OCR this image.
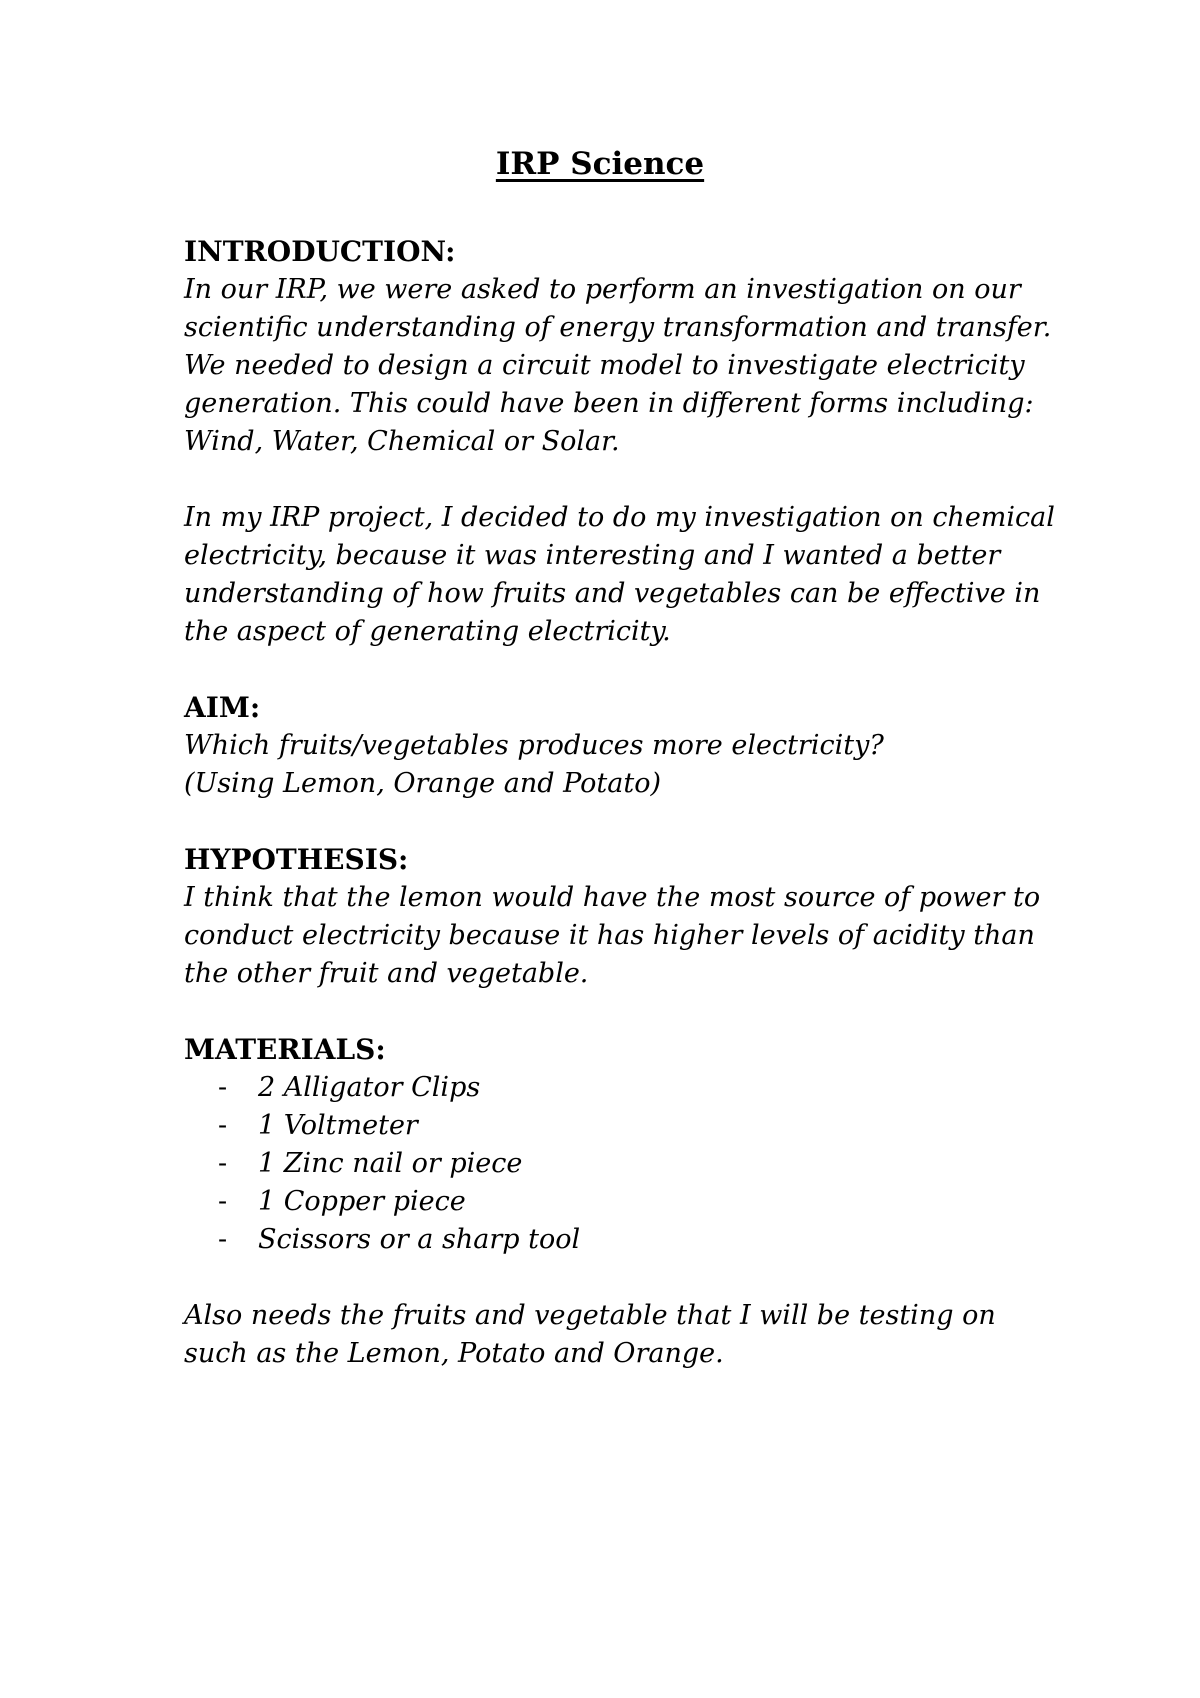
IRP Science

INTRODUCTION:

In our IRP, we were asked to perform an investigation on our scientific understanding of energy transformation and transfer. We needed to design a circuit model to investigate electricity generation. This could have been in different forms including: Wind, Water, Chemical or Solar.

In my IRP project, I decided to do my investigation on chemical electricity, because it was interesting and I wanted a better understanding of how fruits and vegetables can be effective in the aspect of generating electricity.

AIM:

Which fruits/vegetables produces more electricity?

(Using Lemon, Orange and Potato)

HYPOTHESIS:

I think that the lemon would have the most source of power to conduct electricity because it has higher levels of acidity than the other fruit and vegetable.

MATERIALS:

-	2 Alligator Clips
-	1 Voltmeter
-	1 Zinc nail or piece
-	1 Copper piece
-	Scissors or a sharp tool

Also needs the fruits and vegetable that I will be testing on such as the Lemon, Potato and Orange.
